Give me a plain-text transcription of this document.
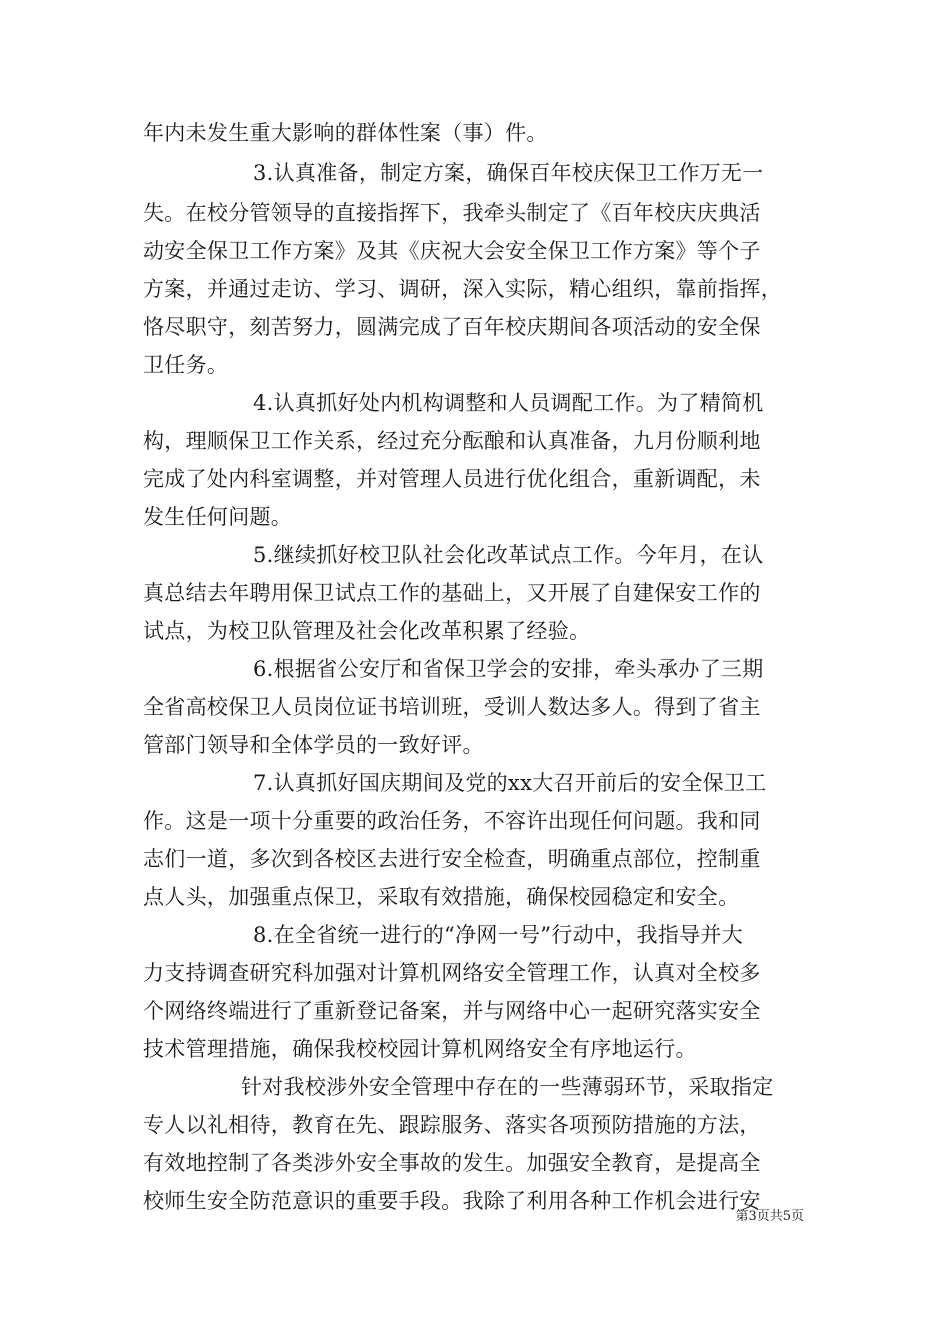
年内未发生重大影响的群体性案（事）件。
3.认真准备，制定方案，确保百年校庆保卫工作万无一
失。在校分管领导的直接指挥下，我牵头制定了《百年校庆庆典活
动安全保卫工作方案》及其《庆祝大会安全保卫工作方案》等个子
方案，并通过走访、学习、调研，深入实际，精心组织，靠前指挥，
恪尽职守，刻苦努力，圆满完成了百年校庆期间各项活动的安全保
卫任务。
4.认真抓好处内机构调整和人员调配工作。为了精简机
构，理顺保卫工作关系，经过充分酝酿和认真准备，九月份顺利地
完成了处内科室调整，并对管理人员进行优化组合，重新调配，未
发生任何问题。
5.继续抓好校卫队社会化改革试点工作。今年月，在认
真总结去年聘用保卫试点工作的基础上，又开展了自建保安工作的
试点，为校卫队管理及社会化改革积累了经验。
6.根据省公安厅和省保卫学会的安排，牵头承办了三期
全省高校保卫人员岗位证书培训班，受训人数达多人。得到了省主
管部门领导和全体学员的一致好评。
7.认真抓好国庆期间及党的xx大召开前后的安全保卫工
作。这是一项十分重要的政治任务，不容许出现任何问题。我和同
志们一道，多次到各校区去进行安全检查，明确重点部位，控制重
点人头，加强重点保卫，采取有效措施，确保校园稳定和安全。
8.在全省统一进行的“净网一号”行动中，我指导并大
力支持调查研究科加强对计算机网络安全管理工作，认真对全校多
个网络终端进行了重新登记备案，并与网络中心一起研究落实安全
技术管理措施，确保我校校园计算机网络安全有序地运行。
针对我校涉外安全管理中存在的一些薄弱环节，采取指定
专人以礼相待，教育在先、跟踪服务、落实各项预防措施的方法，
有效地控制了各类涉外安全事故的发生。加强安全教育，是提高全
校师生安全防范意识的重要手段。我除了利用各种工作机会进行安
第3页共5页
